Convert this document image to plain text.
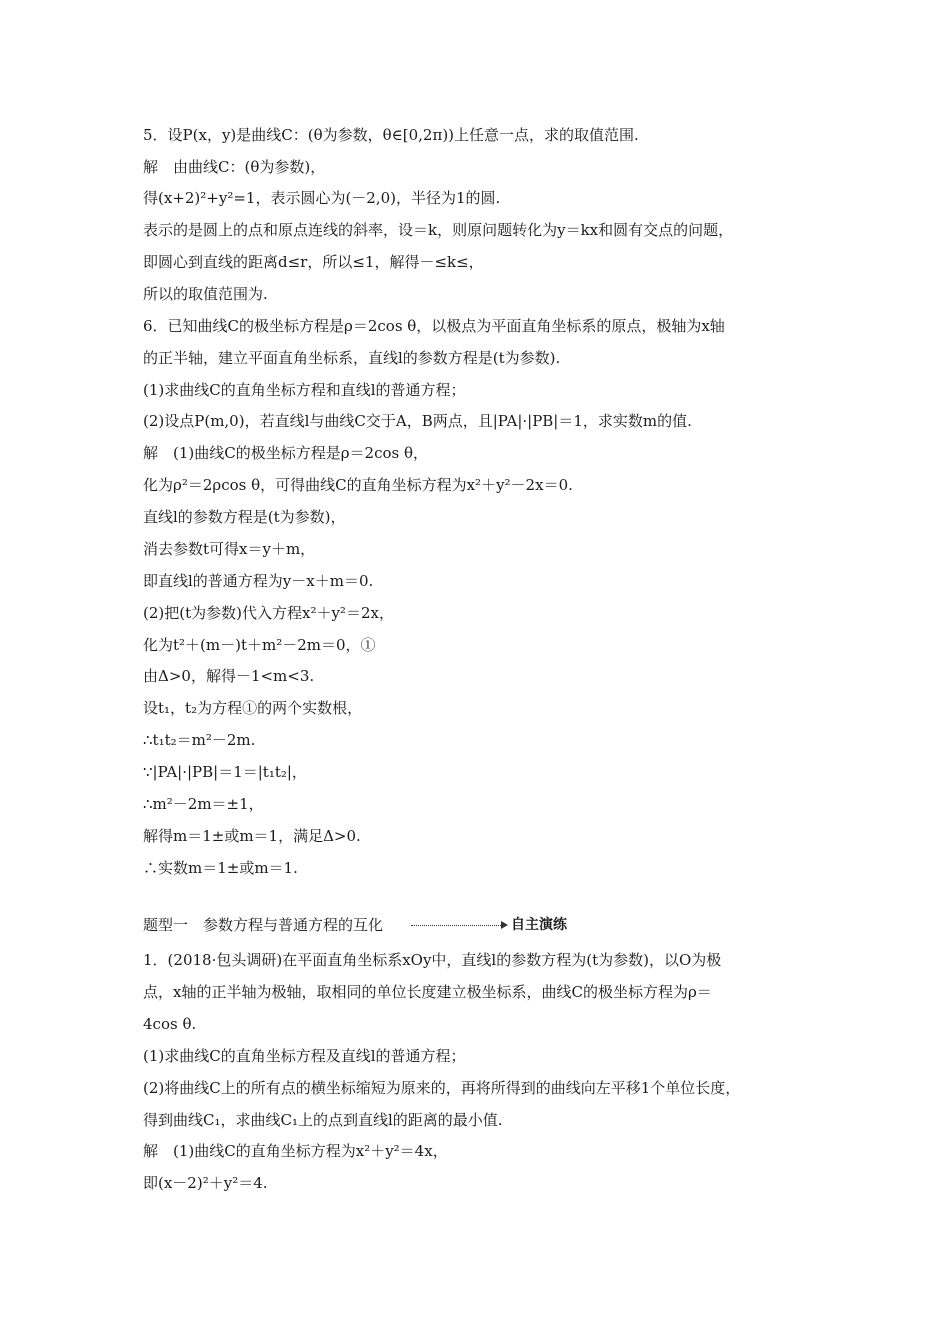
5．设P(x，y)是曲线C：(θ为参数，θ∈[0,2π))上任意一点，求的取值范围.
解　由曲线C：(θ为参数)，
得(x+2)²+y²=1，表示圆心为(－2,0)，半径为1的圆.
表示的是圆上的点和原点连线的斜率，设＝k，则原问题转化为y＝kx和圆有交点的问题，
即圆心到直线的距离d≤r，所以≤1，解得－≤k≤，
所以的取值范围为.
6．已知曲线C的极坐标方程是ρ＝2cos θ，以极点为平面直角坐标系的原点，极轴为x轴
的正半轴，建立平面直角坐标系，直线l的参数方程是(t为参数).
(1)求曲线C的直角坐标方程和直线l的普通方程；
(2)设点P(m,0)，若直线l与曲线C交于A，B两点，且|PA|·|PB|＝1，求实数m的值.
解　(1)曲线C的极坐标方程是ρ＝2cos θ，
化为ρ²＝2ρcos θ，可得曲线C的直角坐标方程为x²＋y²－2x＝0.
直线l的参数方程是(t为参数)，
消去参数t可得x＝y＋m，
即直线l的普通方程为y－x＋m＝0.
(2)把(t为参数)代入方程x²＋y²＝2x，
化为t²＋(m－)t＋m²－2m＝0，①
由Δ>0，解得－1<m<3.
设t₁，t₂为方程①的两个实数根，
∴t₁t₂＝m²－2m.
∵|PA|·|PB|＝1＝|t₁t₂|，
∴m²－2m＝±1，
解得m＝1±或m＝1，满足Δ>0.
∴实数m＝1±或m＝1.
题型一　参数方程与普通方程的互化	自主演练
1．(2018·包头调研)在平面直角坐标系xOy中，直线l的参数方程为(t为参数)，以O为极
点，x轴的正半轴为极轴，取相同的单位长度建立极坐标系，曲线C的极坐标方程为ρ＝
4cos θ.
(1)求曲线C的直角坐标方程及直线l的普通方程；
(2)将曲线C上的所有点的横坐标缩短为原来的，再将所得到的曲线向左平移1个单位长度，
得到曲线C₁，求曲线C₁上的点到直线l的距离的最小值.
解　(1)曲线C的直角坐标方程为x²＋y²＝4x，
即(x－2)²＋y²＝4.
